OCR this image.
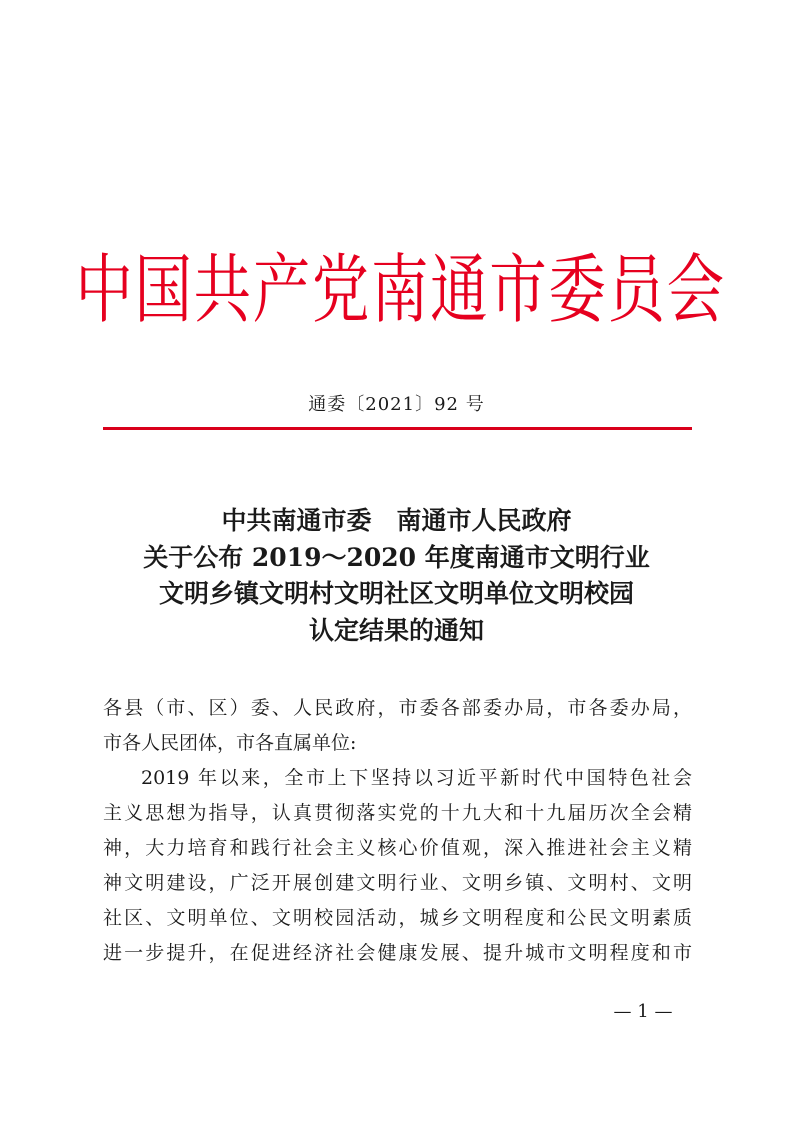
中国共产党南通市委员会
通委〔2021〕92 号
中共南通市委　南通市人民政府
关于公布 2019～2020 年度南通市文明行业
文明乡镇文明村文明社区文明单位文明校园
认定结果的通知
各县（市、区）委、人民政府，市委各部委办局，市各委办局，
市各人民团体，市各直属单位:
2019 年以来，全市上下坚持以习近平新时代中国特色社会
主义思想为指导，认真贯彻落实党的十九大和十九届历次全会精
神，大力培育和践行社会主义核心价值观，深入推进社会主义精
神文明建设，广泛开展创建文明行业、文明乡镇、文明村、文明
社区、文明单位、文明校园活动，城乡文明程度和公民文明素质
进一步提升，在促进经济社会健康发展、提升城市文明程度和市
— 1 —
